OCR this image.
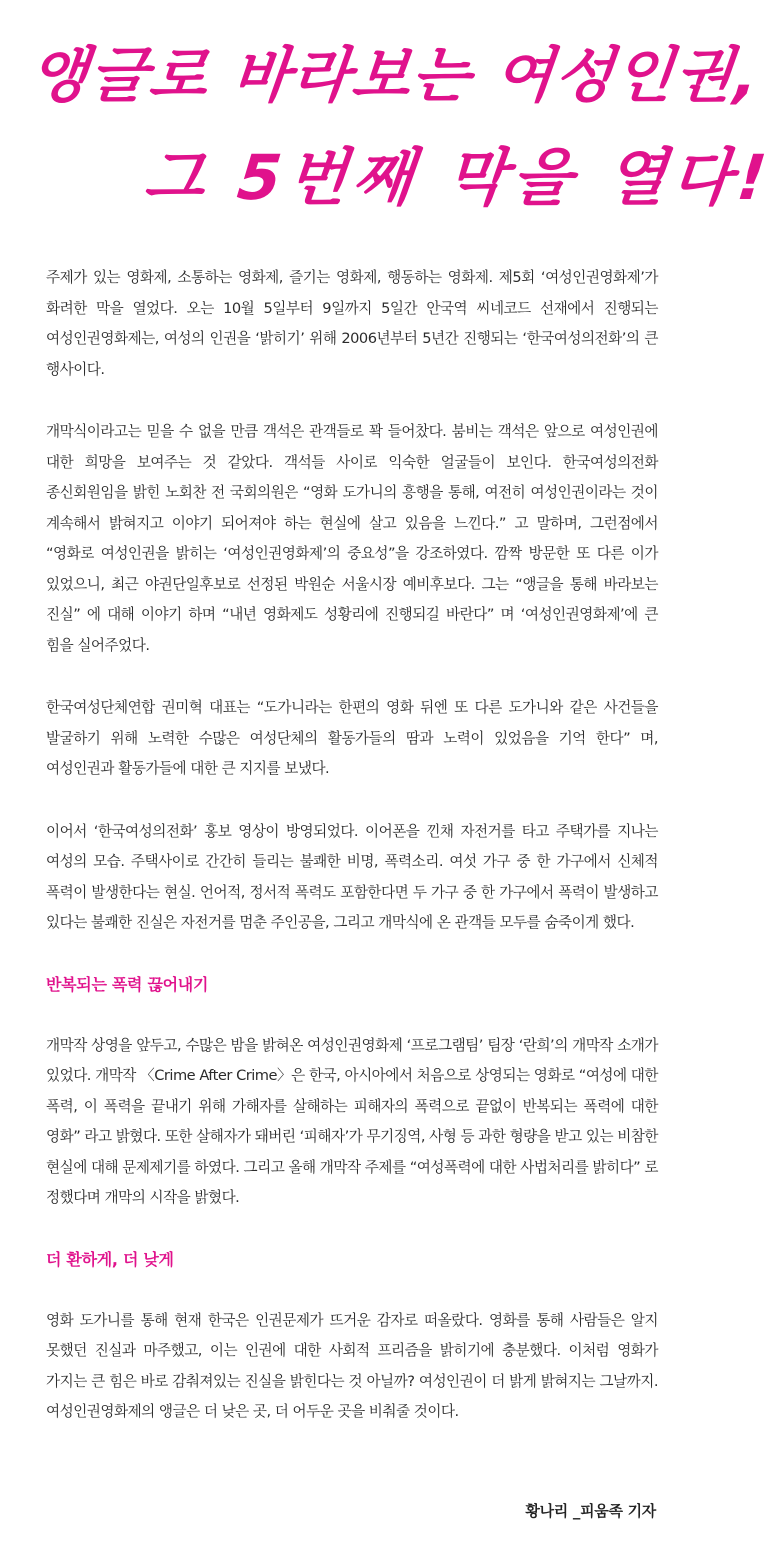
앵글로 바라보는 여성인권,
그 5번째 막을 열다!

주제가 있는 영화제, 소통하는 영화제, 즐기는 영화제, 행동하는 영화제. 제5회 ‘여성인권영화제’가 화려한 막을 열었다. 오는 10월 5일부터 9일까지 5일간 안국역 씨네코드 선재에서 진행되는 여성인권영화제는, 여성의 인권을 ‘밝히기’ 위해 2006년부터 5년간 진행되는 ‘한국여성의전화’의 큰 행사이다.

개막식이라고는 믿을 수 없을 만큼 객석은 관객들로 꽉 들어찼다. 붐비는 객석은 앞으로 여성인권에 대한 희망을 보여주는 것 같았다. 객석들 사이로 익숙한 얼굴들이 보인다. 한국여성의전화 종신회원임을 밝힌 노회찬 전 국회의원은 “영화 도가니의 흥행을 통해, 여전히 여성인권이라는 것이 계속해서 밝혀지고 이야기 되어져야 하는 현실에 살고 있음을 느낀다.” 고 말하며, 그런점에서 “영화로 여성인권을 밝히는 ‘여성인권영화제’의 중요성”을 강조하였다. 깜짝 방문한 또 다른 이가 있었으니, 최근 야권단일후보로 선정된 박원순 서울시장 예비후보다. 그는 “앵글을 통해 바라보는 진실” 에 대해 이야기 하며 “내년 영화제도 성황리에 진행되길 바란다” 며 ‘여성인권영화제’에 큰 힘을 실어주었다.

한국여성단체연합 권미혁 대표는 “도가니라는 한편의 영화 뒤엔 또 다른 도가니와 같은 사건들을 발굴하기 위해 노력한 수많은 여성단체의 활동가들의 땀과 노력이 있었음을 기억 한다” 며, 여성인권과 활동가들에 대한 큰 지지를 보냈다.

이어서 ‘한국여성의전화’ 홍보 영상이 방영되었다. 이어폰을 낀채 자전거를 타고 주택가를 지나는 여성의 모습. 주택사이로 간간히 들리는 불쾌한 비명, 폭력소리. 여섯 가구 중 한 가구에서 신체적 폭력이 발생한다는 현실. 언어적, 정서적 폭력도 포함한다면 두 가구 중 한 가구에서 폭력이 발생하고 있다는 불쾌한 진실은 자전거를 멈춘 주인공을, 그리고 개막식에 온 관객들 모두를 숨죽이게 했다.

반복되는 폭력 끊어내기

개막작 상영을 앞두고, 수많은 밤을 밝혀온 여성인권영화제 ‘프로그램팀’ 팀장 ‘란희’의 개막작 소개가 있었다. 개막작 〈Crime After Crime〉은 한국, 아시아에서 처음으로 상영되는 영화로 “여성에 대한 폭력, 이 폭력을 끝내기 위해 가해자를 살해하는 피해자의 폭력으로 끝없이 반복되는 폭력에 대한 영화” 라고 밝혔다. 또한 살해자가 돼버린 ‘피해자’가 무기징역, 사형 등 과한 형량을 받고 있는 비참한 현실에 대해 문제제기를 하였다. 그리고 올해 개막작 주제를 “여성폭력에 대한 사법처리를 밝히다” 로 정했다며 개막의 시작을 밝혔다.

더 환하게, 더 낮게

영화 도가니를 통해 현재 한국은 인권문제가 뜨거운 감자로 떠올랐다. 영화를 통해 사람들은 알지 못했던 진실과 마주했고, 이는 인권에 대한 사회적 프리즘을 밝히기에 충분했다. 이처럼 영화가 가지는 큰 힘은 바로 감춰져있는 진실을 밝힌다는 것 아닐까? 여성인권이 더 밝게 밝혀지는 그날까지. 여성인권영화제의 앵글은 더 낮은 곳, 더 어두운 곳을 비춰줄 것이다.

황나리 _피움족 기자
